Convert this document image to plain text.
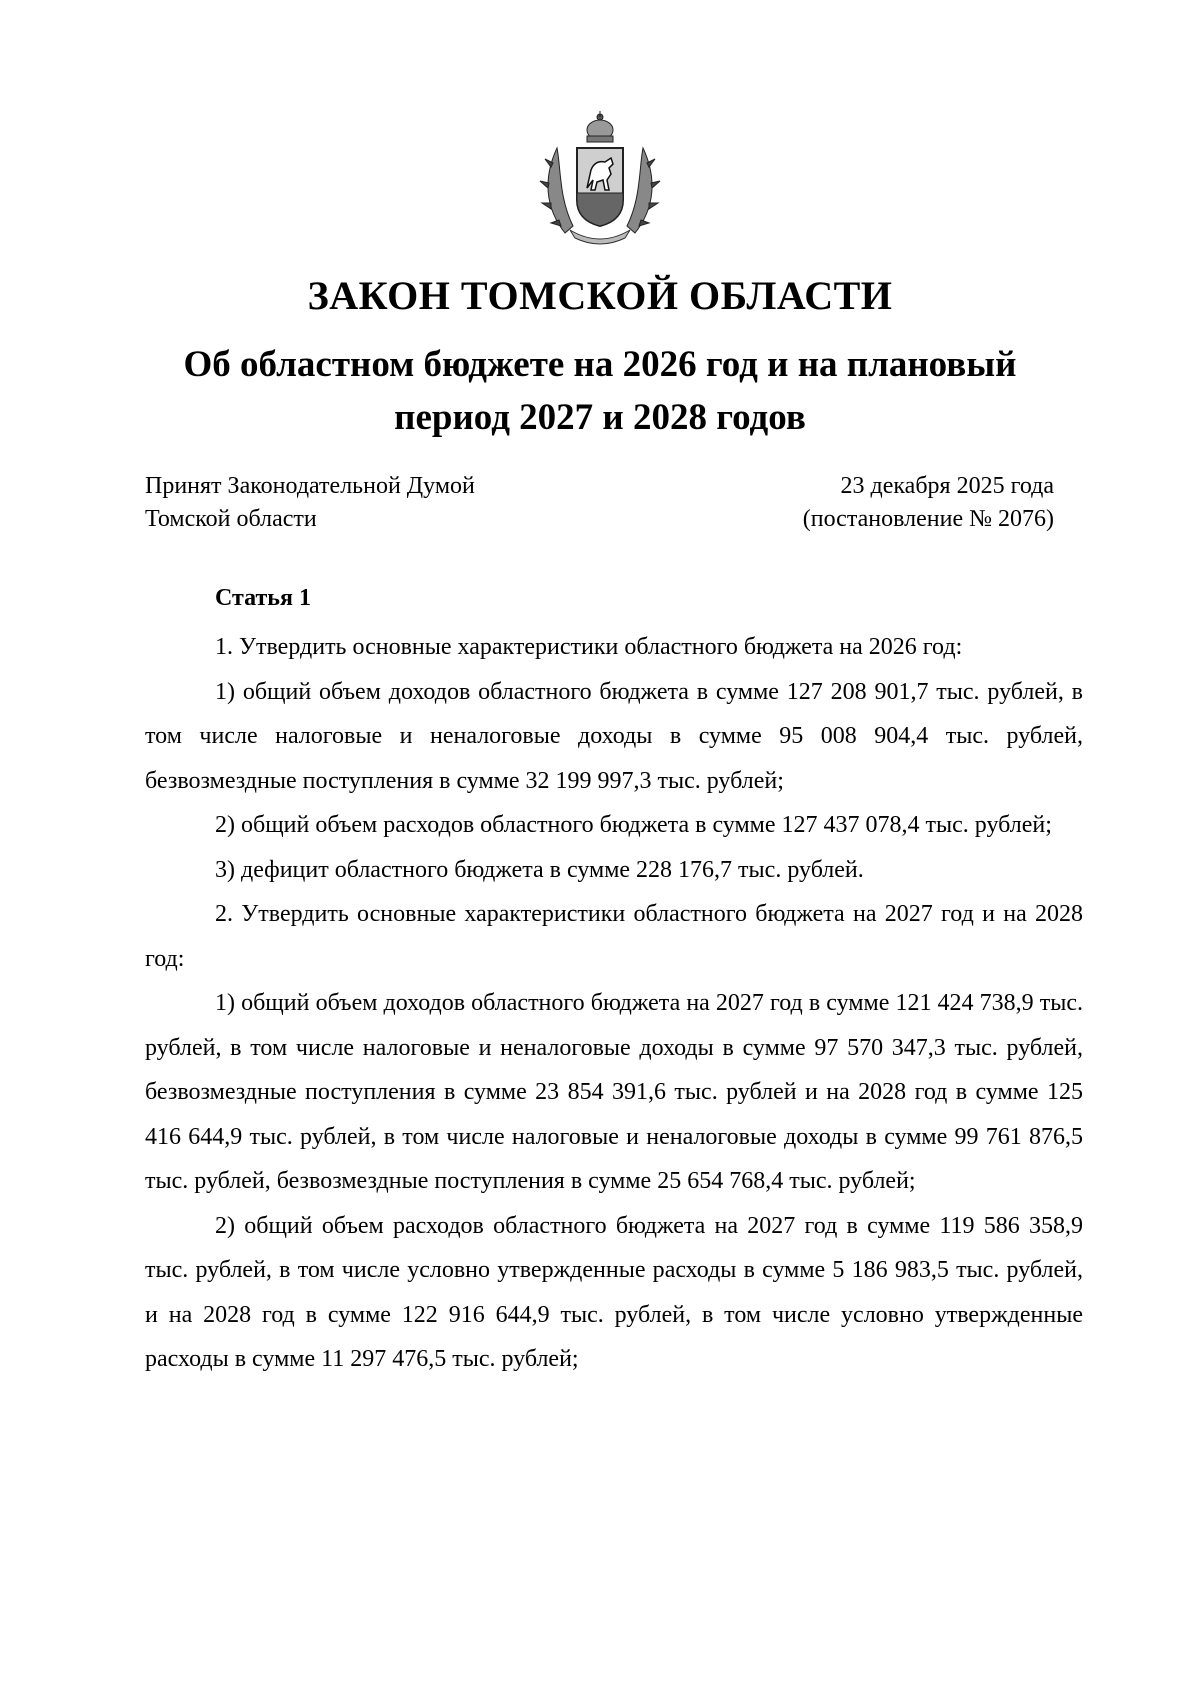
ЗАКОН ТОМСКОЙ ОБЛАСТИ
Об областном бюджете на 2026 год и на плановый
период 2027 и 2028 годов
Принят Законодательной Думой
Томской области
23 декабря 2025 года
(постановление № 2076)
Статья 1

1. Утвердить основные характеристики областного бюджета на 2026 год:

1) общий объем доходов областного бюджета в сумме 127 208 901,7 тыс. рублей, в том числе налоговые и неналоговые доходы в сумме 95 008 904,4 тыс. рублей, безвозмездные поступления в сумме 32 199 997,3 тыс. рублей;

2) общий объем расходов областного бюджета в сумме 127 437 078,4 тыс. рублей;

3) дефицит областного бюджета в сумме 228 176,7 тыс. рублей.

2. Утвердить основные характеристики областного бюджета на 2027 год и на 2028 год:

1) общий объем доходов областного бюджета на 2027 год в сумме 121 424 738,9 тыс. рублей, в том числе налоговые и неналоговые доходы в сумме 97 570 347,3 тыс. рублей, безвозмездные поступления в сумме 23 854 391,6 тыс. рублей и на 2028 год в сумме 125 416 644,9 тыс. рублей, в том числе налоговые и неналоговые доходы в сумме 99 761 876,5 тыс. рублей, безвозмездные поступления в сумме 25 654 768,4 тыс. рублей;

2) общий объем расходов областного бюджета на 2027 год в сумме 119 586 358,9 тыс. рублей, в том числе условно утвержденные расходы в сумме 5 186 983,5 тыс. рублей, и на 2028 год в сумме 122 916 644,9 тыс. рублей, в том числе условно утвержденные расходы в сумме 11 297 476,5 тыс. рублей;
